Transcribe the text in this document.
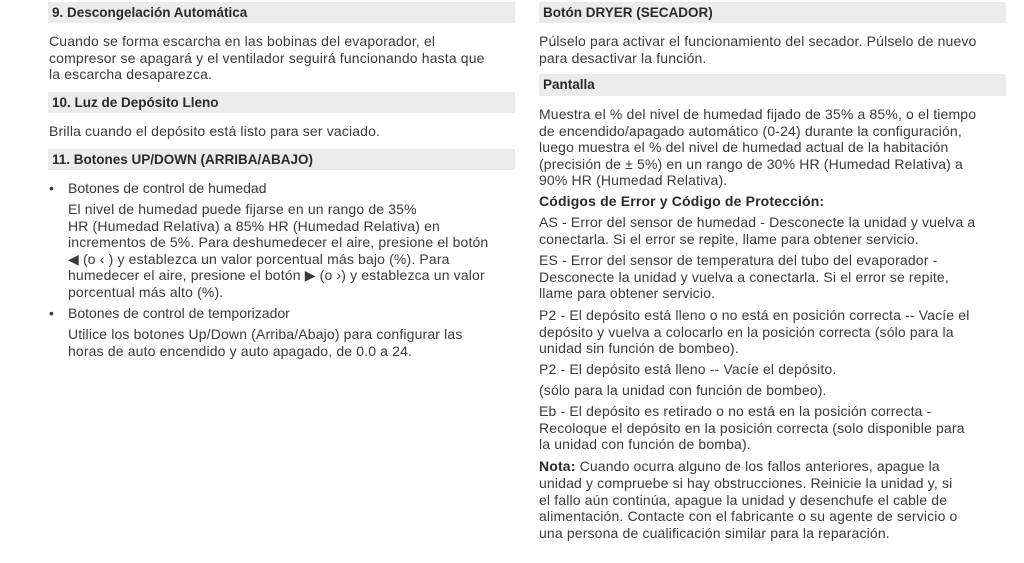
9. Descongelación Automática
Cuando se forma escarcha en las bobinas del evaporador, el
compresor se apagará y el ventilador seguirá funcionando hasta que
la escarcha desaparezca.
10. Luz de Depósito Lleno
Brilla cuando el depósito está listo para ser vaciado.
11. Botones UP/DOWN (ARRIBA/ABAJO)
• Botones de control de humedad
El nivel de humedad puede fijarse en un rango de 35%
HR (Humedad Relativa) a 85% HR (Humedad Relativa) en
incrementos de 5%. Para deshumedecer el aire, presione el botón
◀ (o ‹ ) y establezca un valor porcentual más bajo (%). Para
humedecer el aire, presione el botón ▶ (o ›) y establezca un valor
porcentual más alto (%).
• Botones de control de temporizador
Utilice los botones Up/Down (Arriba/Abajo) para configurar las
horas de auto encendido y auto apagado, de 0.0 a 24.
Botón DRYER (SECADOR)
Púlselo para activar el funcionamiento del secador. Púlselo de nuevo
para desactivar la función.
Pantalla
Muestra el % del nivel de humedad fijado de 35% a 85%, o el tiempo
de encendido/apagado automático (0-24) durante la configuración,
luego muestra el % del nivel de humedad actual de la habitación
(precisión de ± 5%) en un rango de 30% HR (Humedad Relativa) a
90% HR (Humedad Relativa).
Códigos de Error y Código de Protección:
AS - Error del sensor de humedad - Desconecte la unidad y vuelva a
conectarla. Si el error se repite, llame para obtener servicio.
ES - Error del sensor de temperatura del tubo del evaporador -
Desconecte la unidad y vuelva a conectarla. Si el error se repite,
llame para obtener servicio.
P2 - El depósito está lleno o no está en posición correcta -- Vacíe el
depósito y vuelva a colocarlo en la posición correcta (sólo para la
unidad sin función de bombeo).
P2 - El depósito está lleno -- Vacíe el depósito.
(sólo para la unidad con función de bombeo).
Eb - El depósito es retirado o no está en la posición correcta -
Recoloque el depósito en la posición correcta (solo disponible para
la unidad con función de bomba).
Nota: Cuando ocurra alguno de los fallos anteriores, apague la
unidad y compruebe si hay obstrucciones. Reinicie la unidad y, si
el fallo aún continúa, apague la unidad y desenchufe el cable de
alimentación. Contacte con el fabricante o su agente de servicio o
una persona de cualificación similar para la reparación.
